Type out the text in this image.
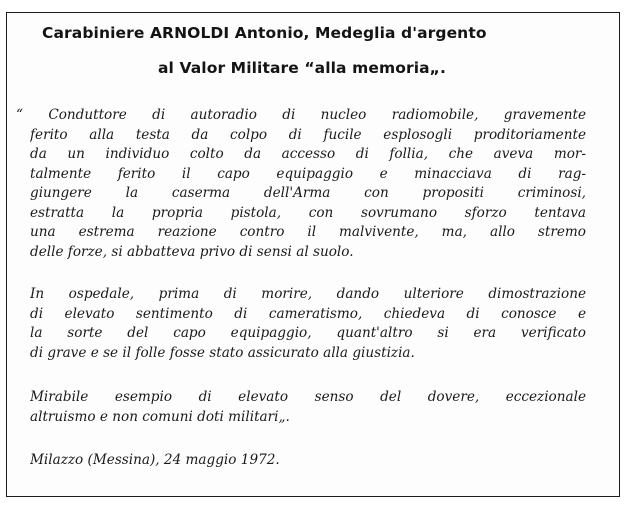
Carabiniere ARNOLDI Antonio, Medeglia d'argento
al Valor Militare “alla memoria„.
“ Conduttore di autoradio di nucleo radiomobile, gravemente
ferito alla testa da colpo di fucile esplosogli proditoriamente
da un individuo colto da accesso di follia, che aveva mor-
talmente ferito il capo equipaggio e minacciava di rag-
giungere la caserma dell'Arma con propositi criminosi,
estratta la propria pistola, con sovrumano sforzo tentava
una estrema reazione contro il malvivente, ma, allo stremo
delle forze, si abbatteva privo di sensi al suolo.
In ospedale, prima di morire, dando ulteriore dimostrazione
di elevato sentimento di cameratismo, chiedeva di conosce e
la sorte del capo equipaggio, quant'altro si era verificato
di grave e se il folle fosse stato assicurato alla giustizia.
Mirabile esempio di elevato senso del dovere, eccezionale
altruismo e non comuni doti militari„.
Milazzo (Messina), 24 maggio 1972.
